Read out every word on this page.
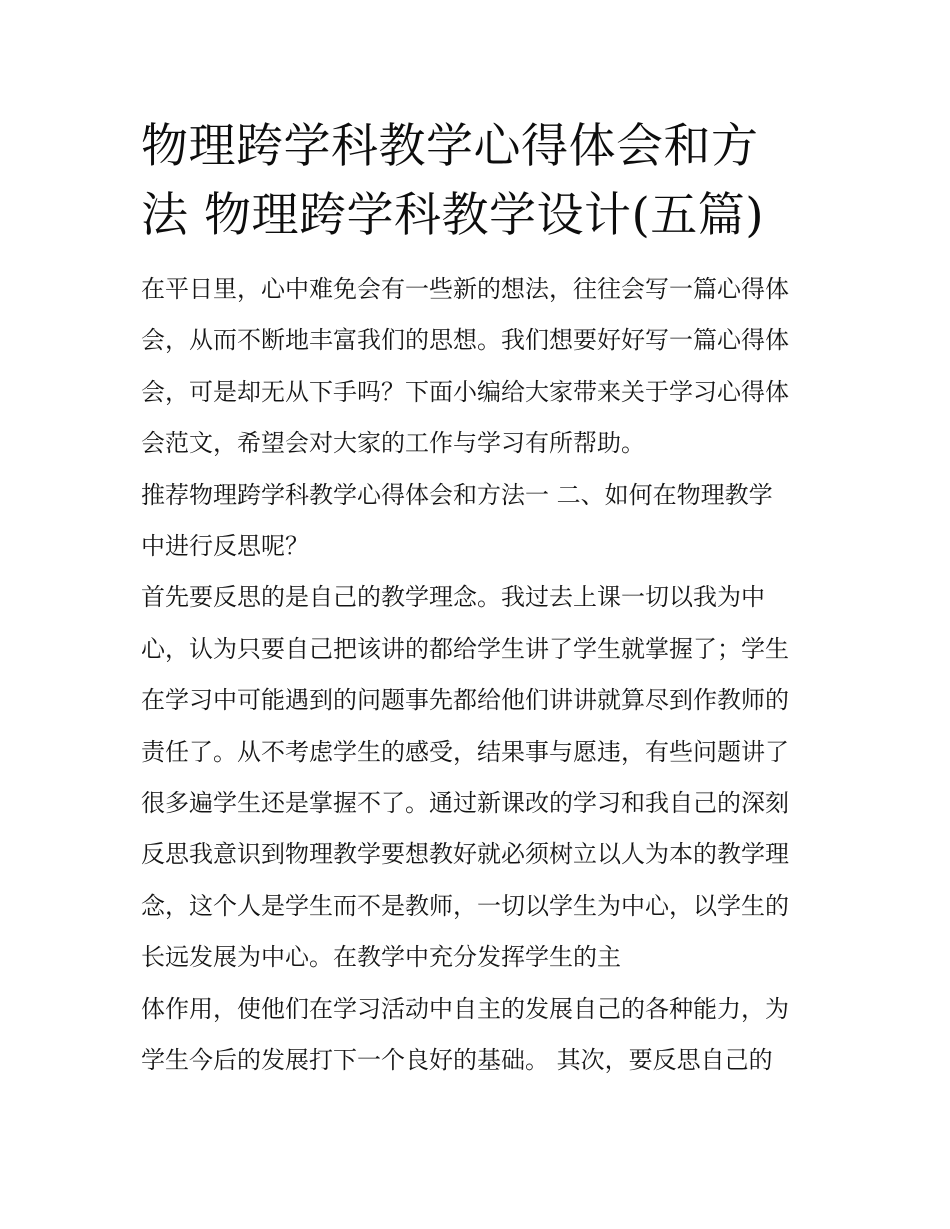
物理跨学科教学心得体会和方
法 物理跨学科教学设计(五篇)
在平日里，心中难免会有一些新的想法，往往会写一篇心得体
会，从而不断地丰富我们的思想。我们想要好好写一篇心得体
会，可是却无从下手吗？下面小编给大家带来关于学习心得体
会范文，希望会对大家的工作与学习有所帮助。
推荐物理跨学科教学心得体会和方法一 二、如何在物理教学
中进行反思呢？
首先要反思的是自己的教学理念。我过去上课一切以我为中
心，认为只要自己把该讲的都给学生讲了学生就掌握了；学生
在学习中可能遇到的问题事先都给他们讲讲就算尽到作教师的
责任了。从不考虑学生的感受，结果事与愿违，有些问题讲了
很多遍学生还是掌握不了。通过新课改的学习和我自己的深刻
反思我意识到物理教学要想教好就必须树立以人为本的教学理
念，这个人是学生而不是教师，一切以学生为中心，以学生的
长远发展为中心。在教学中充分发挥学生的主
体作用，使他们在学习活动中自主的发展自己的各种能力，为
学生今后的发展打下一个良好的基础。 其次，要反思自己的
